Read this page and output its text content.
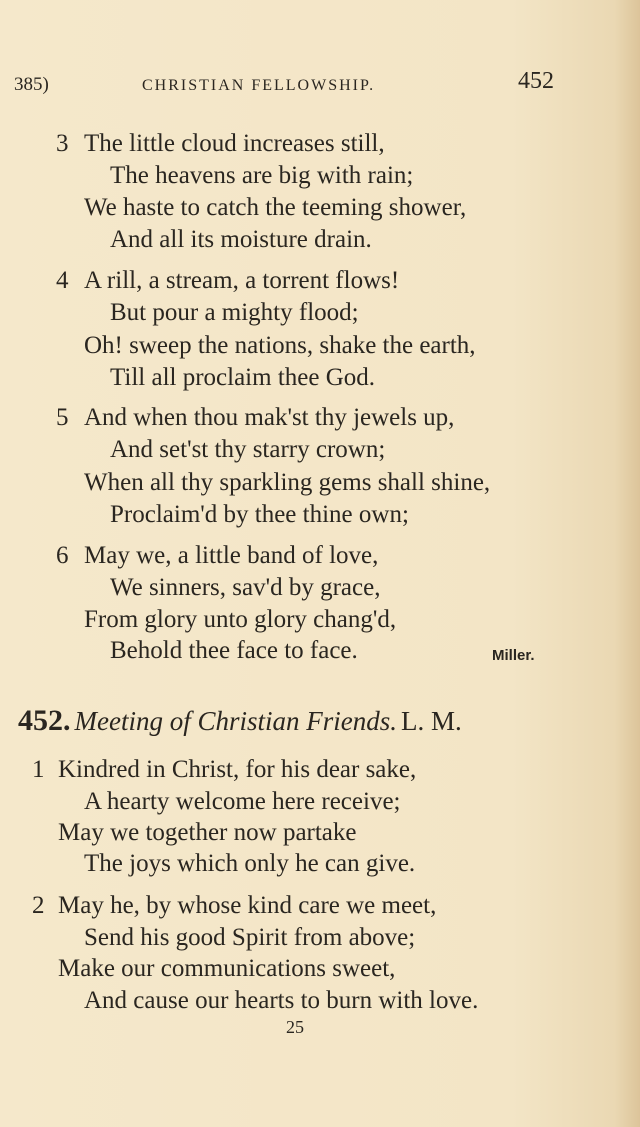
385)	CHRISTIAN FELLOWSHIP.	452
3 The little cloud increases still,
The heavens are big with rain;
We haste to catch the teeming shower,
And all its moisture drain.
4 A rill, a stream, a torrent flows!
But pour a mighty flood;
Oh! sweep the nations, shake the earth,
Till all proclaim thee God.
5 And when thou mak'st thy jewels up,
And set'st thy starry crown;
When all thy sparkling gems shall shine,
Proclaim'd by thee thine own;
6 May we, a little band of love,
We sinners, sav'd by grace,
From glory unto glory chang'd,
Behold thee face to face.	Miller.
452. Meeting of Christian Friends. L. M.
1 Kindred in Christ, for his dear sake,
A hearty welcome here receive;
May we together now partake
The joys which only he can give.
2 May he, by whose kind care we meet,
Send his good Spirit from above;
Make our communications sweet,
And cause our hearts to burn with love.
25
